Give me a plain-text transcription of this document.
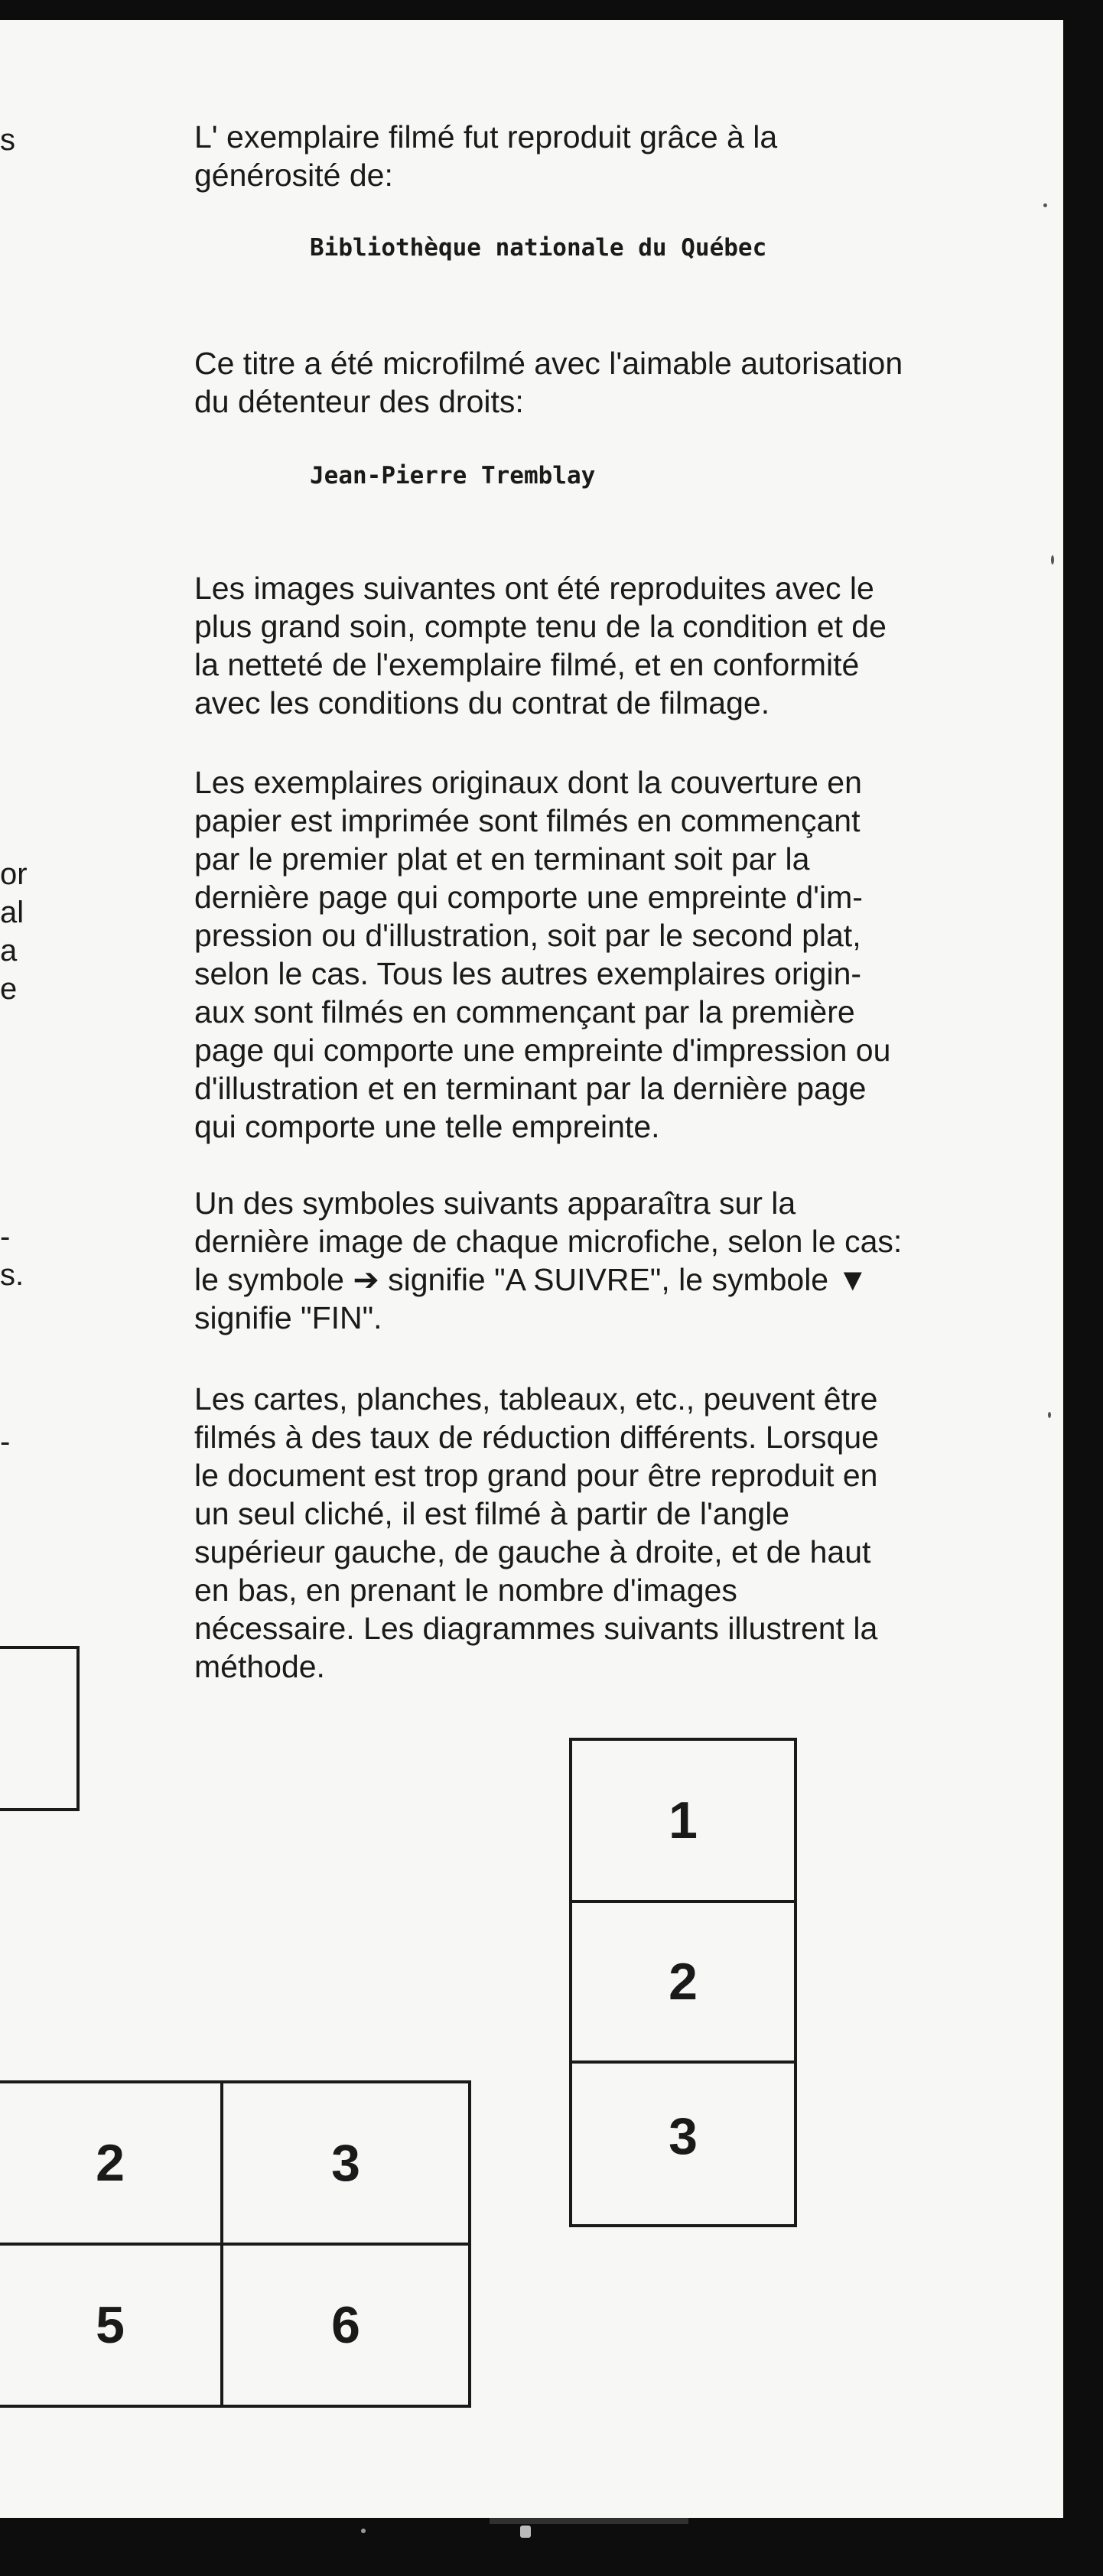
s
or
al
a
e
-
s.
-

L' exemplaire filmé fut reproduit grâce à la
générosité de:

Bibliothèque nationale du Québec

Ce titre a été microfilmé avec l'aimable autorisation
du détenteur des droits:

Jean-Pierre Tremblay

Les images suivantes ont été reproduites avec le
plus grand soin, compte tenu de la condition et de
la netteté de l'exemplaire filmé, et en conformité
avec les conditions du contrat de filmage.

Les exemplaires originaux dont la couverture en
papier est imprimée sont filmés en commençant
par le premier plat et en terminant soit par la
dernière page qui comporte une empreinte d'im-
pression ou d'illustration, soit par le second plat,
selon le cas. Tous les autres exemplaires origin-
aux sont filmés en commençant par la première
page qui comporte une empreinte d'impression ou
d'illustration et en terminant par la dernière page
qui comporte une telle empreinte.

Un des symboles suivants apparaîtra sur la
dernière image de chaque microfiche, selon le cas:
le symbole ➔ signifie "A SUIVRE", le symbole ▼
signifie "FIN".

Les cartes, planches, tableaux, etc., peuvent être
filmés à des taux de réduction différents. Lorsque
le document est trop grand pour être reproduit en
un seul cliché, il est filmé à partir de l'angle
supérieur gauche, de gauche à droite, et de haut
en bas, en prenant le nombre d'images
nécessaire. Les diagrammes suivants illustrent la
méthode.

1
2
3
2	3
5	6
